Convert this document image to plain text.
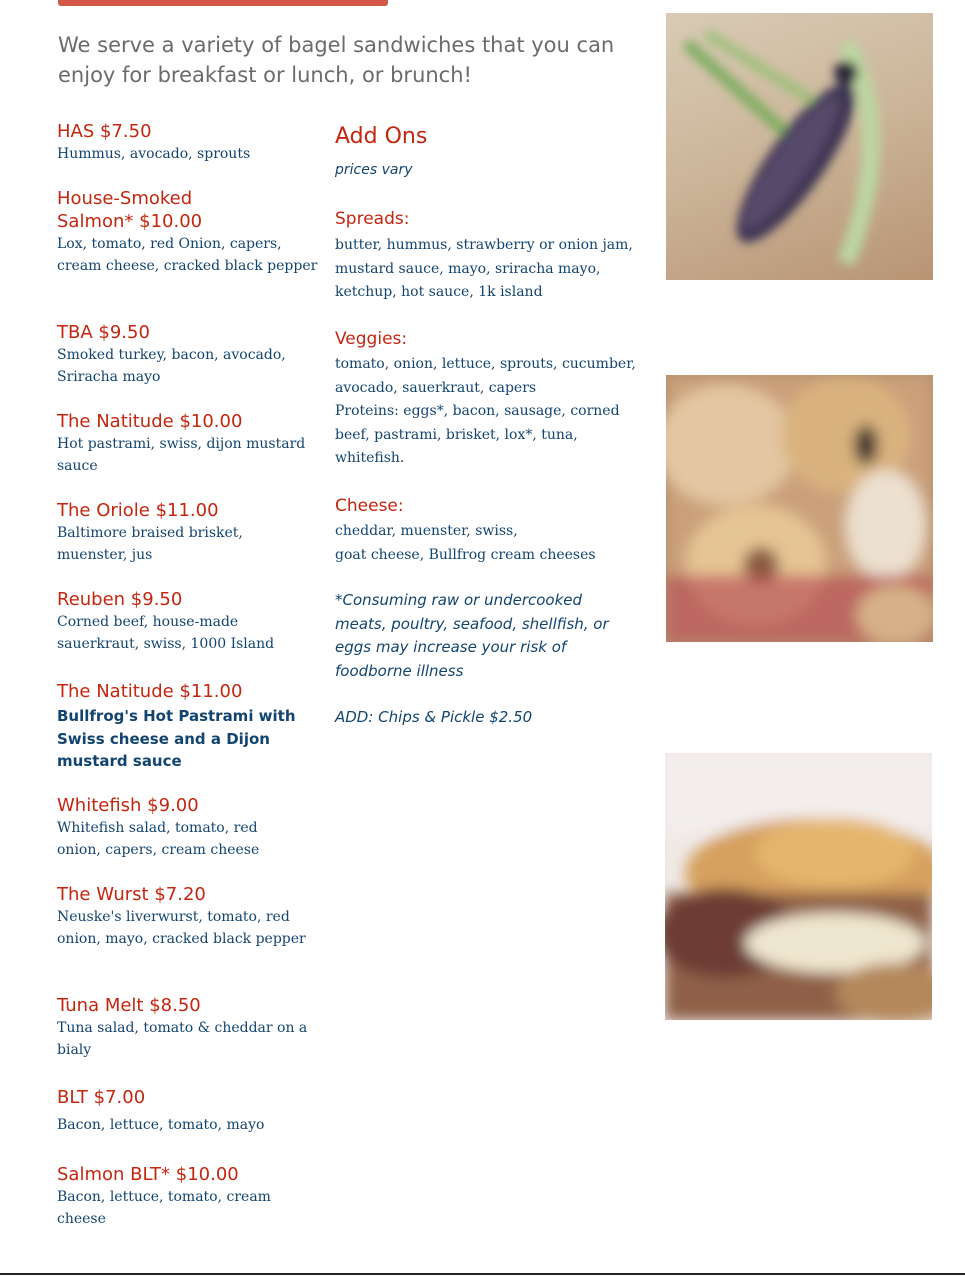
We serve a variety of bagel sandwiches that you can enjoy for breakfast or lunch, or brunch!

HAS $7.50

Hummus, avocado, sprouts

House-Smoked Salmon* $10.00

Lox, tomato, red Onion, capers, cream cheese, cracked black pepper

TBA $9.50

Smoked turkey, bacon, avocado, Sriracha mayo

The Natitude $10.00

Hot pastrami, swiss, dijon mustard sauce

The Oriole $11.00

Baltimore braised brisket, muenster, jus

Reuben $9.50

Corned beef, house-made sauerkraut, swiss, 1000 Island

The Natitude $11.00

Bullfrog's Hot Pastrami with Swiss cheese and a Dijon mustard sauce

Whitefish $9.00

Whitefish salad, tomato, red onion, capers, cream cheese

The Wurst $7.20

Neuske's liverwurst, tomato, red onion, mayo, cracked black pepper

Tuna Melt $8.50

Tuna salad, tomato & cheddar on a bialy

BLT $7.00

Bacon, lettuce, tomato, mayo

Salmon BLT* $10.00

Bacon, lettuce, tomato, cream cheese

Add Ons

prices vary

Spreads:

butter, hummus, strawberry or onion jam, mustard sauce, mayo, sriracha mayo, ketchup, hot sauce, 1k island

Veggies:

tomato, onion, lettuce, sprouts, cucumber, avocado, sauerkraut, capers

Proteins: eggs*, bacon, sausage, corned beef, pastrami, brisket, lox*, tuna, whitefish.

Cheese:

cheddar, muenster, swiss,

goat cheese, Bullfrog cream cheeses

*Consuming raw or undercooked meats, poultry, seafood, shellfish, or eggs may increase your risk of foodborne illness

ADD: Chips & Pickle $2.50
